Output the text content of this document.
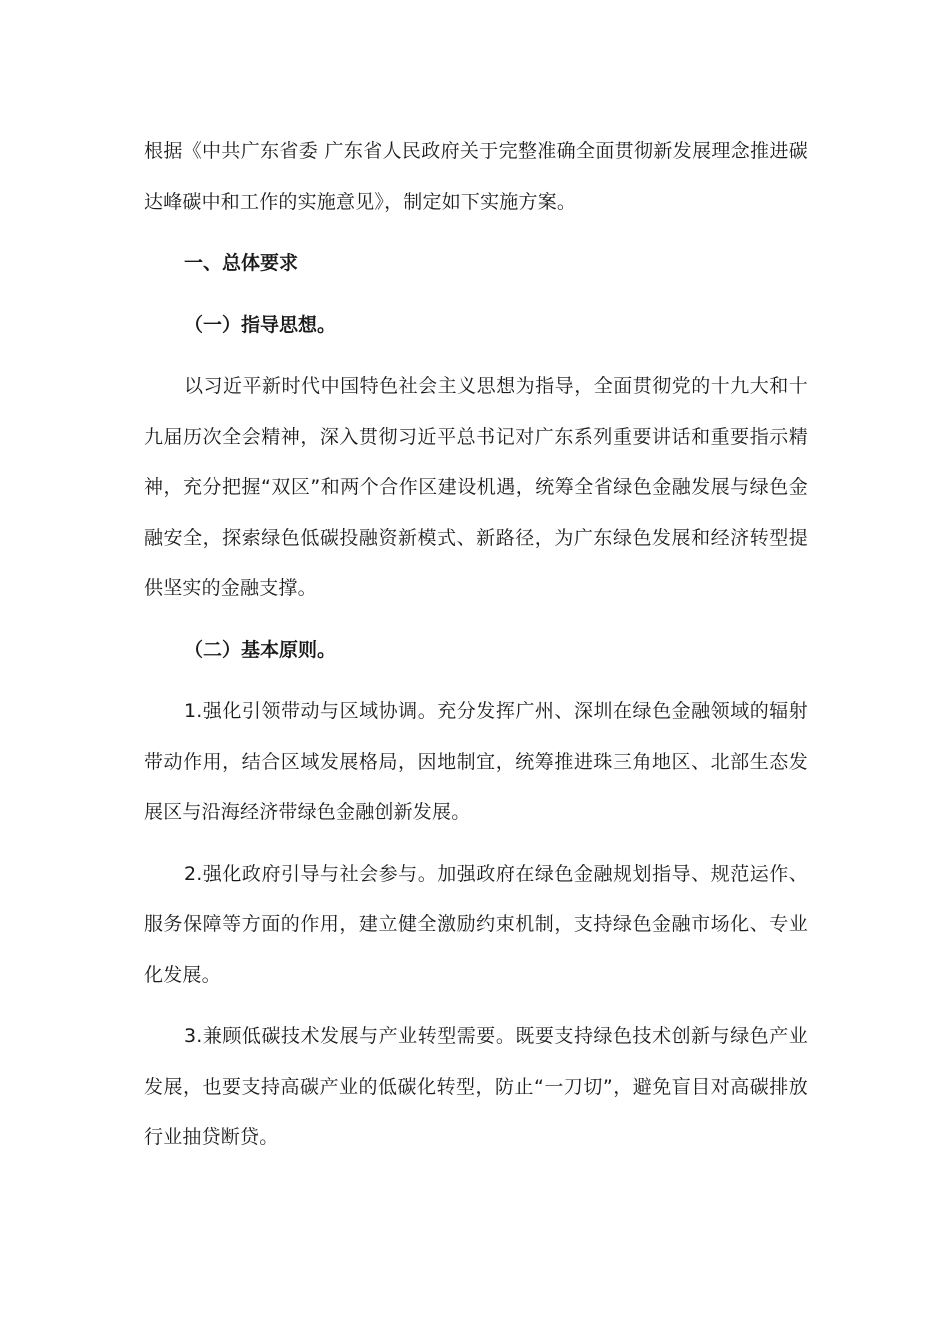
根据《中共广东省委 广东省人民政府关于完整准确全面贯彻新发展理念推进碳达峰碳中和工作的实施意见》，制定如下实施方案。

一、总体要求

（一）指导思想。

以习近平新时代中国特色社会主义思想为指导，全面贯彻党的十九大和十九届历次全会精神，深入贯彻习近平总书记对广东系列重要讲话和重要指示精神，充分把握“双区”和两个合作区建设机遇，统筹全省绿色金融发展与绿色金融安全，探索绿色低碳投融资新模式、新路径，为广东绿色发展和经济转型提供坚实的金融支撑。

（二）基本原则。

1.强化引领带动与区域协调。充分发挥广州、深圳在绿色金融领域的辐射带动作用，结合区域发展格局，因地制宜，统筹推进珠三角地区、北部生态发展区与沿海经济带绿色金融创新发展。

2.强化政府引导与社会参与。加强政府在绿色金融规划指导、规范运作、服务保障等方面的作用，建立健全激励约束机制，支持绿色金融市场化、专业化发展。

3.兼顾低碳技术发展与产业转型需要。既要支持绿色技术创新与绿色产业发展，也要支持高碳产业的低碳化转型，防止“一刀切”，避免盲目对高碳排放行业抽贷断贷。
